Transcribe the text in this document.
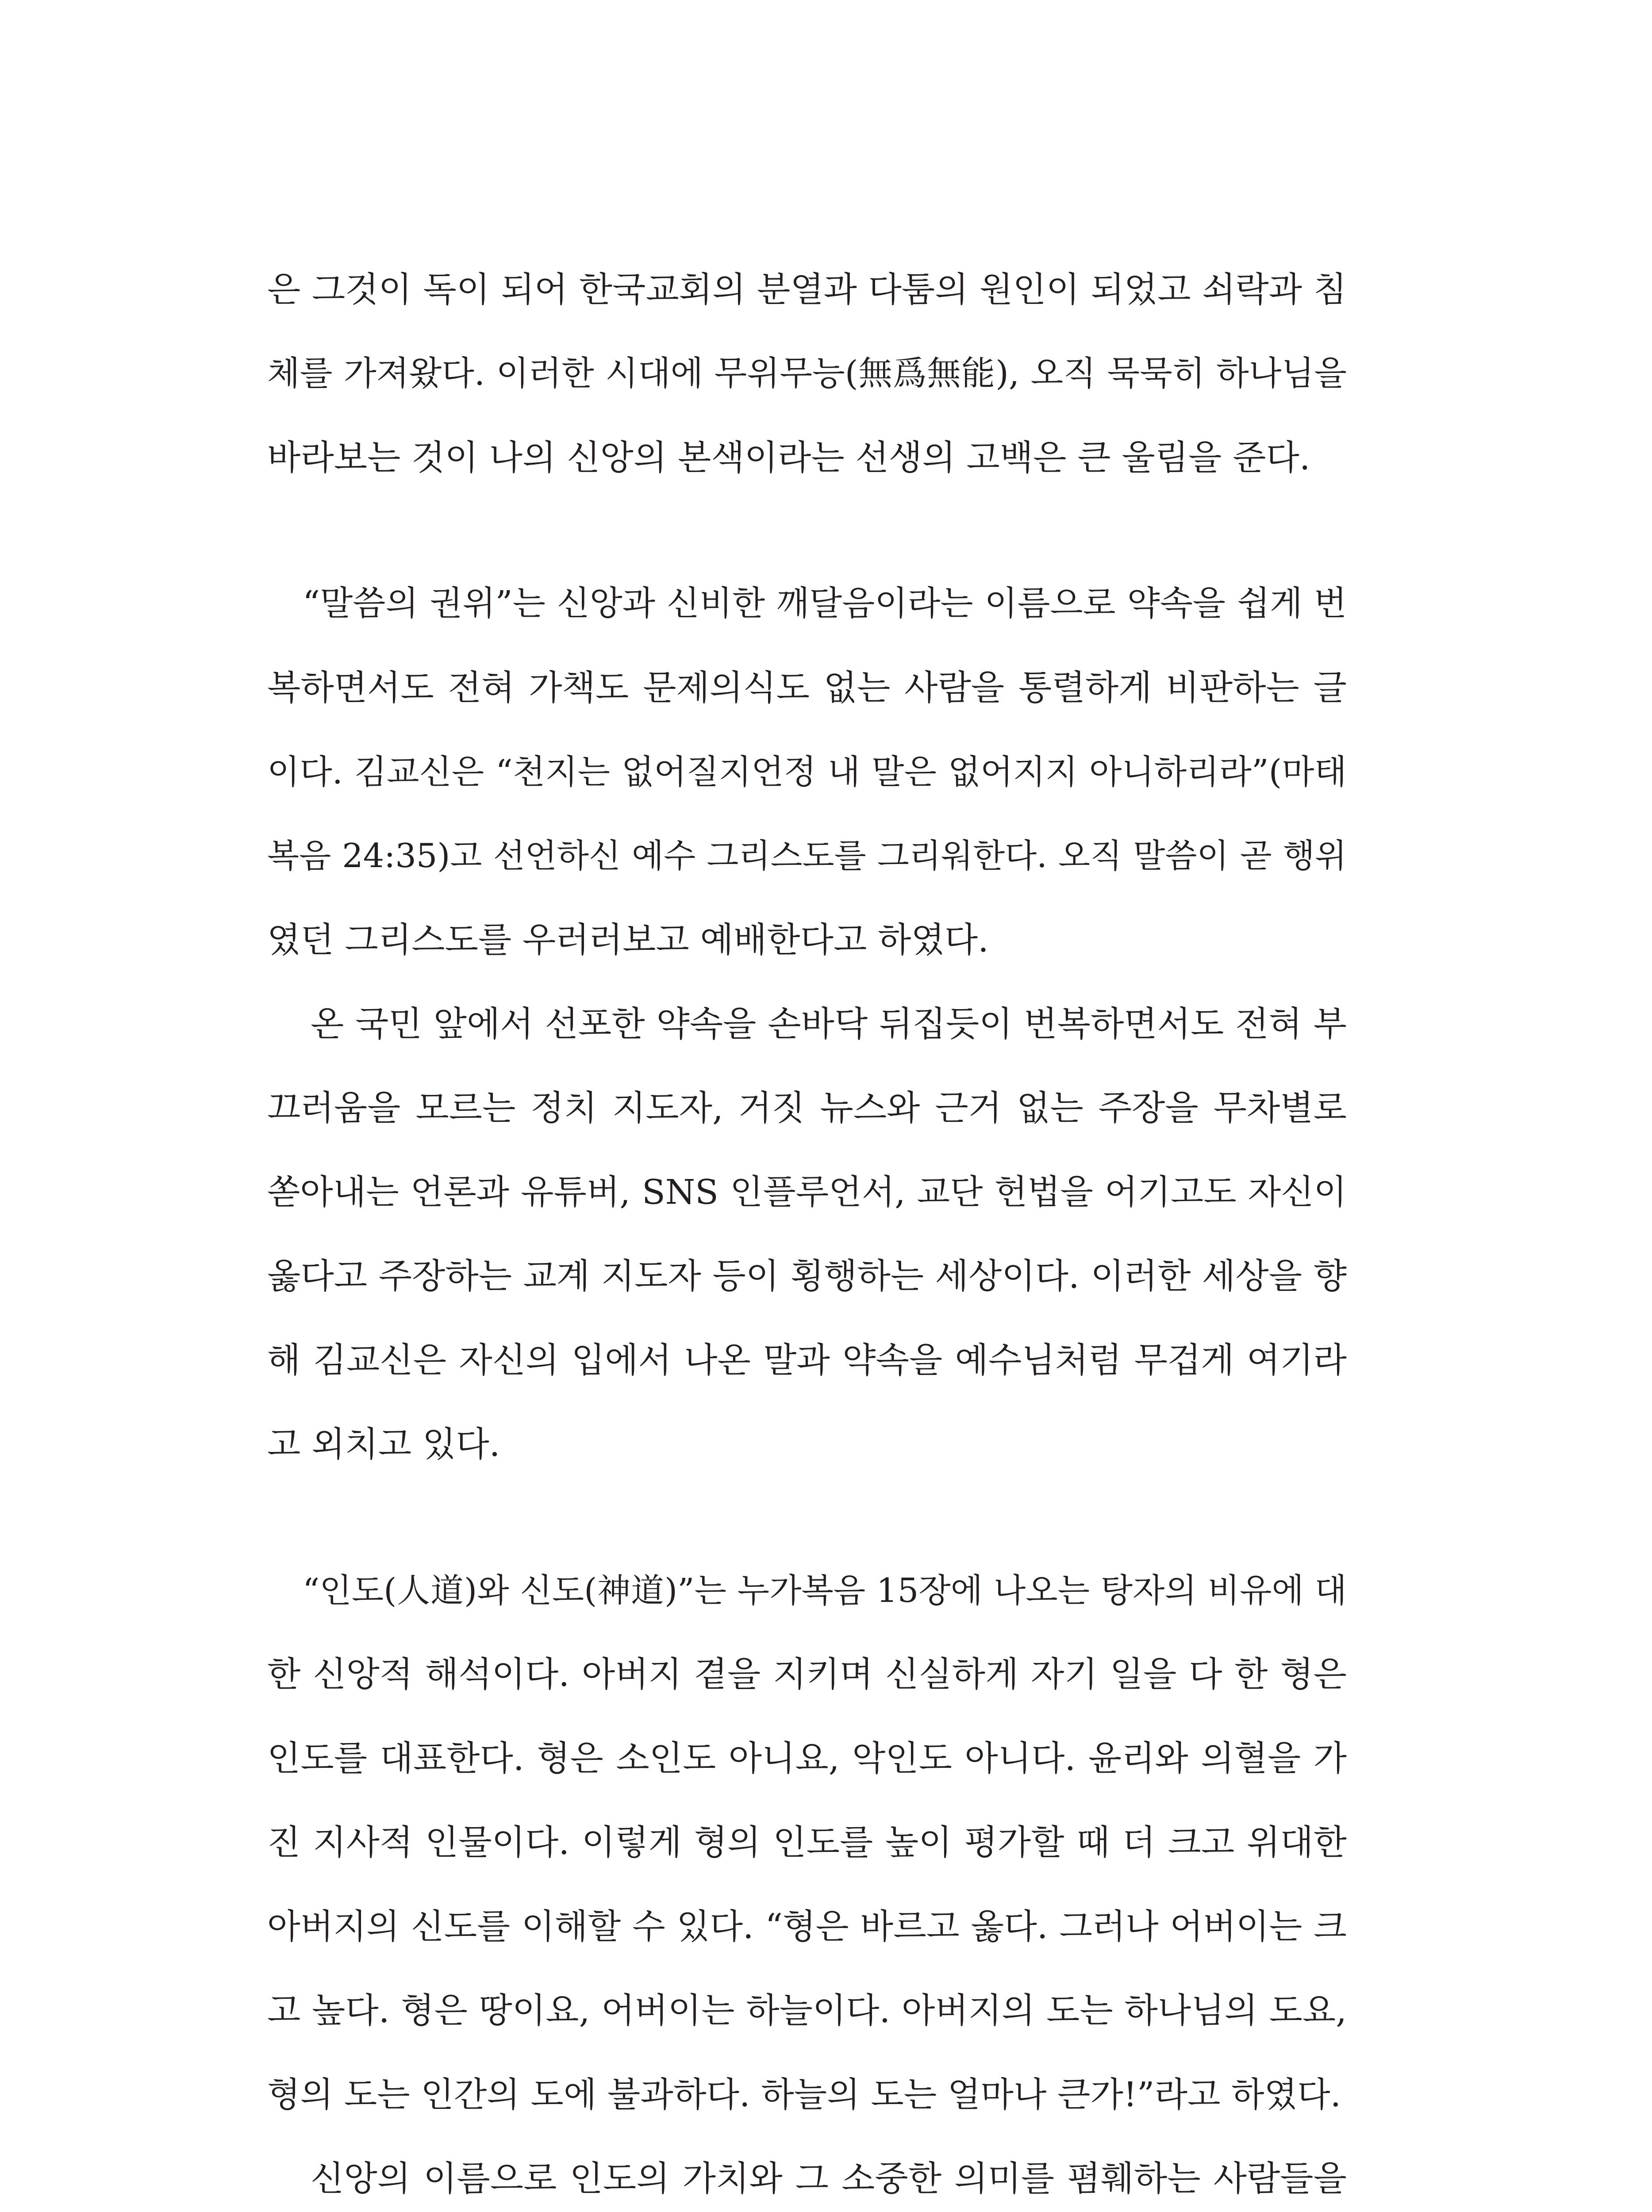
은 그것이 독이 되어 한국교회의 분열과 다툼의 원인이 되었고 쇠락과 침
체를 가져왔다. 이러한 시대에 무위무능(無爲無能), 오직 묵묵히 하나님을
바라보는 것이 나의 신앙의 본색이라는 선생의 고백은 큰 울림을 준다.
“말씀의 권위”는 신앙과 신비한 깨달음이라는 이름으로 약속을 쉽게 번
복하면서도 전혀 가책도 문제의식도 없는 사람을 통렬하게 비판하는 글
이다. 김교신은 “천지는 없어질지언정 내 말은 없어지지 아니하리라”(마태
복음 24:35)고 선언하신 예수 그리스도를 그리워한다. 오직 말씀이 곧 행위
였던 그리스도를 우러러보고 예배한다고 하였다.
온 국민 앞에서 선포한 약속을 손바닥 뒤집듯이 번복하면서도 전혀 부
끄러움을 모르는 정치 지도자, 거짓 뉴스와 근거 없는 주장을 무차별로
쏟아내는 언론과 유튜버, SNS 인플루언서, 교단 헌법을 어기고도 자신이
옳다고 주장하는 교계 지도자 등이 횡행하는 세상이다. 이러한 세상을 향
해 김교신은 자신의 입에서 나온 말과 약속을 예수님처럼 무겁게 여기라
고 외치고 있다.
“인도(人道)와 신도(神道)”는 누가복음 15장에 나오는 탕자의 비유에 대
한 신앙적 해석이다. 아버지 곁을 지키며 신실하게 자기 일을 다 한 형은
인도를 대표한다. 형은 소인도 아니요, 악인도 아니다. 윤리와 의혈을 가
진 지사적 인물이다. 이렇게 형의 인도를 높이 평가할 때 더 크고 위대한
아버지의 신도를 이해할 수 있다. “형은 바르고 옳다. 그러나 어버이는 크
고 높다. 형은 땅이요, 어버이는 하늘이다. 아버지의 도는 하나님의 도요,
형의 도는 인간의 도에 불과하다. 하늘의 도는 얼마나 큰가!”라고 하였다.
신앙의 이름으로 인도의 가치와 그 소중한 의미를 폄훼하는 사람들을
